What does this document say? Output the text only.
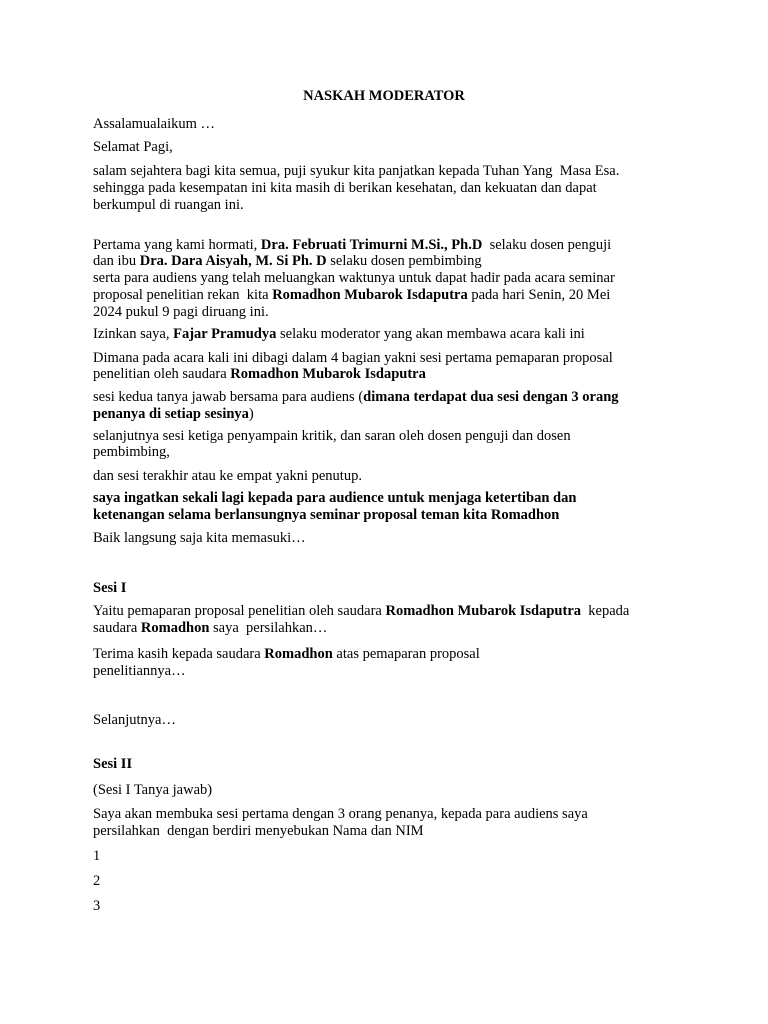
NASKAH MODERATOR
Assalamualaikum …
Selamat Pagi,
salam sejahtera bagi kita semua, puji syukur kita panjatkan kepada Tuhan Yang  Masa Esa.
sehingga pada kesempatan ini kita masih di berikan kesehatan, dan kekuatan dan dapat
berkumpul di ruangan ini.
Pertama yang kami hormati, Dra. Februati Trimurni M.Si., Ph.D  selaku dosen penguji
dan ibu Dra. Dara Aisyah, M. Si Ph. D selaku dosen pembimbing
serta para audiens yang telah meluangkan waktunya untuk dapat hadir pada acara seminar
proposal penelitian rekan  kita Romadhon Mubarok Isdaputra pada hari Senin, 20 Mei
2024 pukul 9 pagi diruang ini.
Izinkan saya, Fajar Pramudya selaku moderator yang akan membawa acara kali ini
Dimana pada acara kali ini dibagi dalam 4 bagian yakni sesi pertama pemaparan proposal
penelitian oleh saudara Romadhon Mubarok Isdaputra
sesi kedua tanya jawab bersama para audiens (dimana terdapat dua sesi dengan 3 orang
penanya di setiap sesinya)
selanjutnya sesi ketiga penyampain kritik, dan saran oleh dosen penguji dan dosen
pembimbing,
dan sesi terakhir atau ke empat yakni penutup.
saya ingatkan sekali lagi kepada para audience untuk menjaga ketertiban dan
ketenangan selama berlansungnya seminar proposal teman kita Romadhon
Baik langsung saja kita memasuki…
Sesi I
Yaitu pemaparan proposal penelitian oleh saudara Romadhon Mubarok Isdaputra  kepada
saudara Romadhon saya  persilahkan…
Terima kasih kepada saudara Romadhon atas pemaparan proposal
penelitiannya…
Selanjutnya…
Sesi II
(Sesi I Tanya jawab)
Saya akan membuka sesi pertama dengan 3 orang penanya, kepada para audiens saya
persilahkan  dengan berdiri menyebukan Nama dan NIM
1
2
3
